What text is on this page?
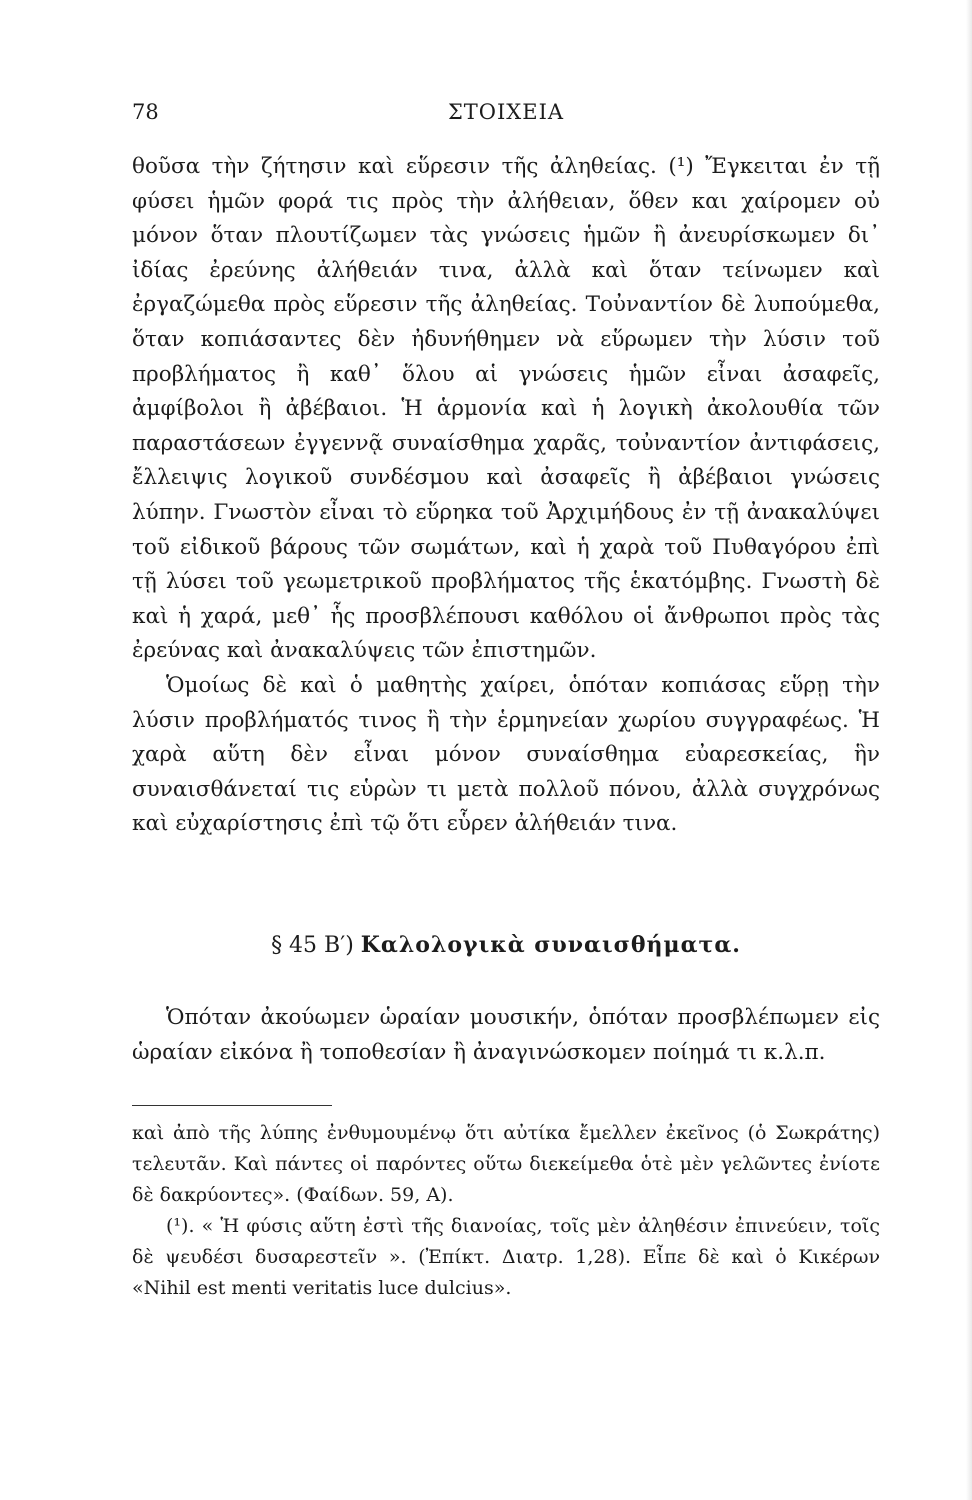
78	ΣΤΟΙΧΕΙΑ

θοῦσα τὴν ζήτησιν καὶ εὕρεσιν τῆς ἀληθείας. (¹) Ἔγκειται ἐν τῇ φύσει ἡμῶν φορά τις πρὸς τὴν ἀλήθειαν, ὅθεν και χαίρομεν οὐ μόνον ὅταν πλουτίζωμεν τὰς γνώσεις ἡμῶν ἢ ἀνευρίσκωμεν δι᾽ ἰδίας ἐρεύνης ἀλήθειάν τινα, ἀλλὰ καὶ ὅταν τείνωμεν καὶ ἐργαζώμεθα πρὸς εὕρεσιν τῆς ἀληθείας. Τοὐναντίον δὲ λυπούμεθα, ὅταν κοπιάσαντες δὲν ἠδυνήθημεν νὰ εὕρωμεν τὴν λύσιν τοῦ προβλήματος ἢ καθ᾽ ὅλου αἱ γνώσεις ἡμῶν εἶναι ἀσαφεῖς, ἀμφίβολοι ἢ ἀβέβαιοι. Ἡ ἁρμονία καὶ ἡ λογικὴ ἀκολουθία τῶν παραστάσεων ἐγγεννᾷ συναίσθημα χαρᾶς, τοὐναντίον ἀντιφάσεις, ἔλλειψις λογικοῦ συνδέσμου καὶ ἀσαφεῖς ἢ ἀβέβαιοι γνώσεις λύπην. Γνωστὸν εἶναι τὸ εὕρηκα τοῦ Ἀρχιμήδους ἐν τῇ ἀνακαλύψει τοῦ εἰδικοῦ βάρους τῶν σωμάτων, καὶ ἡ χαρὰ τοῦ Πυθαγόρου ἐπὶ τῇ λύσει τοῦ γεωμετρικοῦ προβλήματος τῆς ἑκατόμβης. Γνωστὴ δὲ καὶ ἡ χαρά, μεθ᾽ ἧς προσβλέπουσι καθόλου οἱ ἄνθρωποι πρὸς τὰς ἐρεύνας καὶ ἀνακαλύψεις τῶν ἐπιστημῶν.

Ὁμοίως δὲ καὶ ὁ μαθητὴς χαίρει, ὁπόταν κοπιάσας εὕρῃ τὴν λύσιν προβλήματός τινος ἢ τὴν ἑρμηνείαν χωρίου συγγραφέως. Ἡ χαρὰ αὕτη δὲν εἶναι μόνον συναίσθημα εὐαρεσκείας, ἣν συναισθάνεταί τις εὑρὼν τι μετὰ πολλοῦ πόνου, ἀλλὰ συγχρόνως καὶ εὐχαρίστησις ἐπὶ τῷ ὅτι εὗρεν ἀλήθειάν τινα.

§ 45 Β′) Καλολογικὰ συναισθήματα.

Ὁπόταν ἀκούωμεν ὡραίαν μουσικήν, ὁπόταν προσβλέπωμεν εἰς ὡραίαν εἰκόνα ἢ τοποθεσίαν ἢ ἀναγινώσκομεν ποίημά τι κ.λ.π.

καὶ ἀπὸ τῆς λύπης ἐνθυμουμένῳ ὅτι αὐτίκα ἔμελλεν ἐκεῖνος (ὁ Σωκράτης) τελευτᾶν. Καὶ πάντες οἱ παρόντες οὕτω διεκείμεθα ὁτὲ μὲν γελῶντες ἐνίοτε δὲ δακρύοντες». (Φαίδων. 59, Α).

(¹). « Ἡ φύσις αὕτη ἐστὶ τῆς διανοίας, τοῖς μὲν ἀληθέσιν ἐπινεύειν, τοῖς δὲ ψευδέσι δυσαρεστεῖν ». (Ἐπίκτ. Διατρ. 1,28). Εἶπε δὲ καὶ ὁ Κικέρων «Nihil est menti veritatis luce dulcius».
